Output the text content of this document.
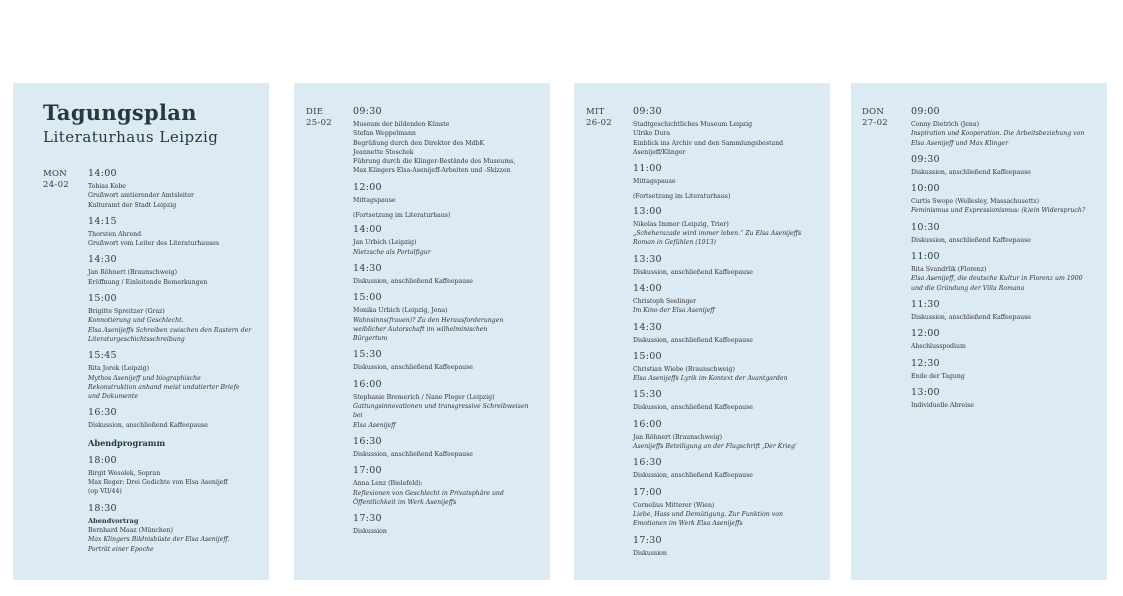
Tagungsplan
Literaturhaus Leipzig
MON
24-02
14:00
Tobias Kobe
Grußwort amtierender Amtsleiter
Kulturamt der Stadt Leipzig
14:15
Thorsten Ahrend
Grußwort vom Leiter des Literaturhauses
14:30
Jan Röhnert (Braunschweig)
Eröffnung / Einleitende Bemerkungen
15:00
Brigitte Spreitzer (Graz)
Konnotierung und Geschlecht.
Elsa Asenijeffs Schreiben zwischen den Rastern der
Literaturgeschichtsschreibung
15:45
Rita Jorek (Leipzig)
Mythos Asenijeff und biographische
Rekonstruktion anhand meist undatierter Briefe
und Dokumente
16:30
Diskussion, anschließend Kaffeepause
Abendprogramm
18:00
Birgit Wesolek, Sopran
Max Reger: Drei Gedichte von Elsa Asenijeff
(op VII/44)
18:30
Abendvortrag
Bernhard Maaz (München)
Max Klingers Bildnisbüste der Elsa Asenijeff.
Porträt einer Epoche
DIE
25-02
09:30
Museum der bildenden Künste
Stefan Weppelmann
Begrüßung durch den Direktor des MdbK
Jeannette Stoschek
Führung durch die Klinger-Bestände des Museums,
Max Klingers Elsa-Asenijeff-Arbeiten und -Skizzen
12:00
Mittagspause
(Fortsetzung im Literaturhaus)
14:00
Jan Urbich (Leipzig)
Nietzsche als Portalfigur
14:30
Diskussion, anschließend Kaffeepause
15:00
Monika Urbich (Leipzig, Jena)
Wahnsinns(frauen)? Zu den Herausforderungen
weiblicher Autorschaft im wilhelminischen
Bürgertum
15:30
Diskussion, anschließend Kaffeepause
16:00
Stephanie Bremerich / Nane Pleger (Leipzig)
Gattungsinnovationen und transgressive Schreibweisen bei
Elsa Asenijeff
16:30
Diskussion, anschließend Kaffeepause
17:00
Anna Lenz (Bielefeld):
Reflexionen von Geschlecht in Privatsphäre und
Öffentlichkeit im Werk Asenijeffs
17:30
Diskussion
MIT
26-02
09:30
Stadtgeschichtliches Museum Leipzig
Ulrike Dura
Einblick ins Archiv und den Sammlungsbestand
Asenijeff/Klinger
11:00
Mittagspause
(Fortsetzung im Literaturhaus)
13:00
Nikolas Immer (Leipzig, Trier)
„Scheherazade wird immer leben.“ Zu Elsa Asenijeffs
Roman in Gefühlen (1913)
13:30
Diskussion, anschließend Kaffeepause
14:00
Christoph Seelinger
Im Kino der Elsa Asenijeff
14:30
Diskussion, anschließend Kaffeepause
15:00
Christian Wiebe (Braunschweig)
Elsa Asenijeffs Lyrik im Kontext der Avantgarden
15:30
Diskussion, anschließend Kaffeepause
16:00
Jan Röhnert (Braunschweig)
Asenijeffs Beteiligung an der Flugschrift ‚Der Krieg‘
16:30
Diskussion, anschließend Kaffeepause
17:00
Cornelius Mitterer (Wien)
Liebe, Hass und Demütigung. Zur Funktion von
Emotionen im Werk Elsa Asenijeffs
17:30
Diskussion
DON
27-02
09:00
Conny Dietrich (Jena)
Inspiration und Kooperation. Die Arbeitsbeziehung von
Elsa Asenijeff und Max Klinger
09:30
Diskussion, anschließend Kaffeepause
10:00
Curtis Swope (Wellesley, Massachusetts)
Feminismus und Expressionismus: (k)ein Widerspruch?
10:30
Diskussion, anschließend Kaffeepause
11:00
Rita Svandrlik (Florenz)
Elsa Asenijeff, die deutsche Kultur in Florenz um 1900
und die Gründung der Villa Romana
11:30
Diskussion, anschließend Kaffeepause
12:00
Abschlusspodium
12:30
Ende der Tagung
13:00
Individuelle Abreise
